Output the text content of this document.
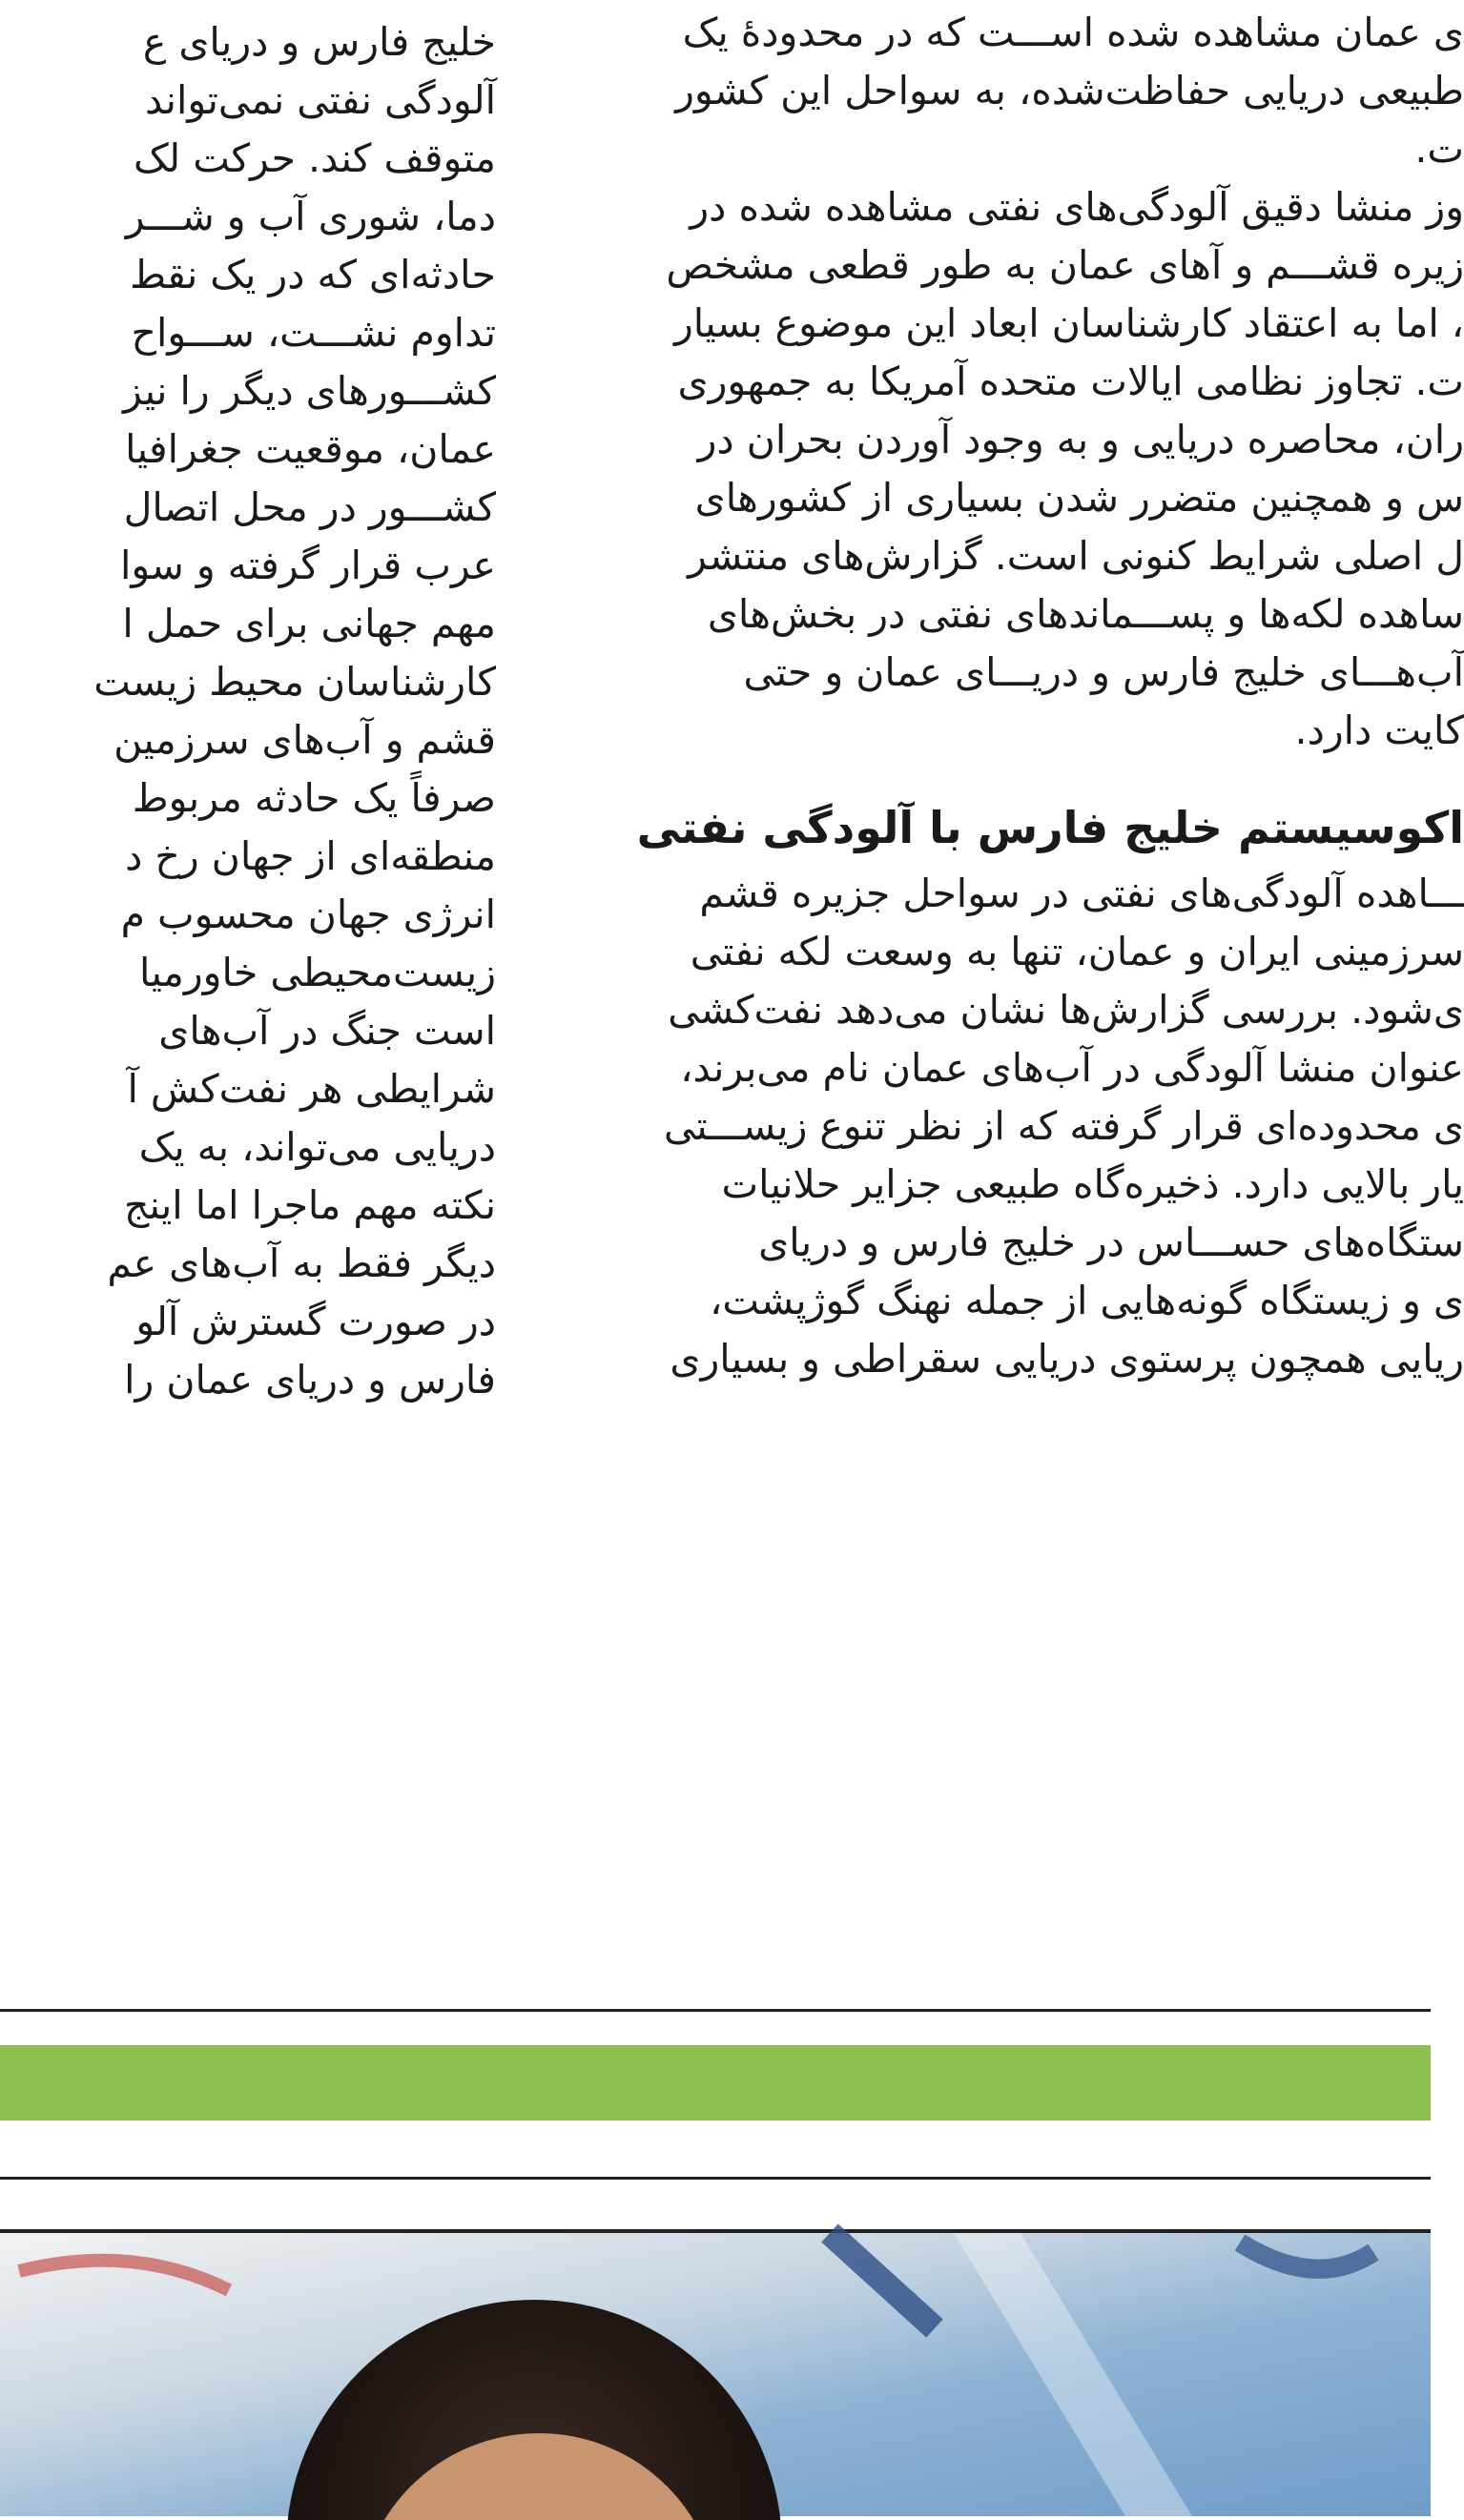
خلیج فارس و دریای ع
آلودگی نفتی نمی‌تواند
متوقف کند. حرکت لک
دما، شوری آب و شـــر
حادثه‌ای که در یک نقط
تداوم نشـــت، ســـواح
کشـــورهای دیگر را نیز
عمان، موقعیت جغرافیا
کشـــور در محل اتصال
عرب قرار گرفته و سوا
مهم جهانی برای حمل ا
کارشناسان محیط زیست
قشم و آب‌های سرزمین
صرفاً یک حادثه مربوط
منطقه‌ای از جهان رخ د
انرژی جهان محسوب م
زیست‌محیطی خاورمیا
است جنگ در آب‌های
شرایطی هر نفت‌کش آ
دریایی می‌تواند، به یک
نکته مهم ماجرا اما اینج
دیگر فقط به آب‌های عم
در صورت گسترش آلو
فارس و دریای عمان را
ی عمان مشاهده شده اســـت که در محدودهٔ یک
طبیعی دریایی حفاظت‌شده، به سواحل این کشور
ت.
وز منشا دقیق آلودگی‌های نفتی مشاهده شده در
زیره قشـــم و آهای عمان به طور قطعی مشخص
، اما به اعتقاد کارشناسان ابعاد این موضوع بسیار
ت. تجاوز نظامی ایالات متحده آمریکا به جمهوری
ران، محاصره دریایی و به وجود آوردن بحران در
س و همچنین متضرر شدن بسیاری از کشورهای
ل اصلی شرایط کنونی است. گزارش‌های منتشر
ساهده لکه‌ها و پســـماندهای نفتی در بخش‌های
آب‌هـــای خلیج فارس و دریـــای عمان و حتی
کایت دارد.
اکوسیستم خلیج فارس با آلودگی نفتی
ـــاهده آلودگی‌های نفتی در سواحل جزیره قشم
سرزمینی ایران و عمان، تنها به وسعت لکه نفتی
ی‌شود. بررسی گزارش‌ها نشان می‌دهد نفت‌کشی
عنوان منشا آلودگی در آب‌های عمان نام می‌برند،
ی محدوده‌ای قرار گرفته که از نظر تنوع زیســـتی
یار بالایی دارد. ذخیره‌گاه طبیعی جزایر حلانیات
ستگاه‌های حســـاس در خلیج فارس و دریای
ی و زیستگاه گونه‌هایی از جمله نهنگ گوژپشت،
ریایی همچون پرستوی دریایی سقراطی و بسیاری
